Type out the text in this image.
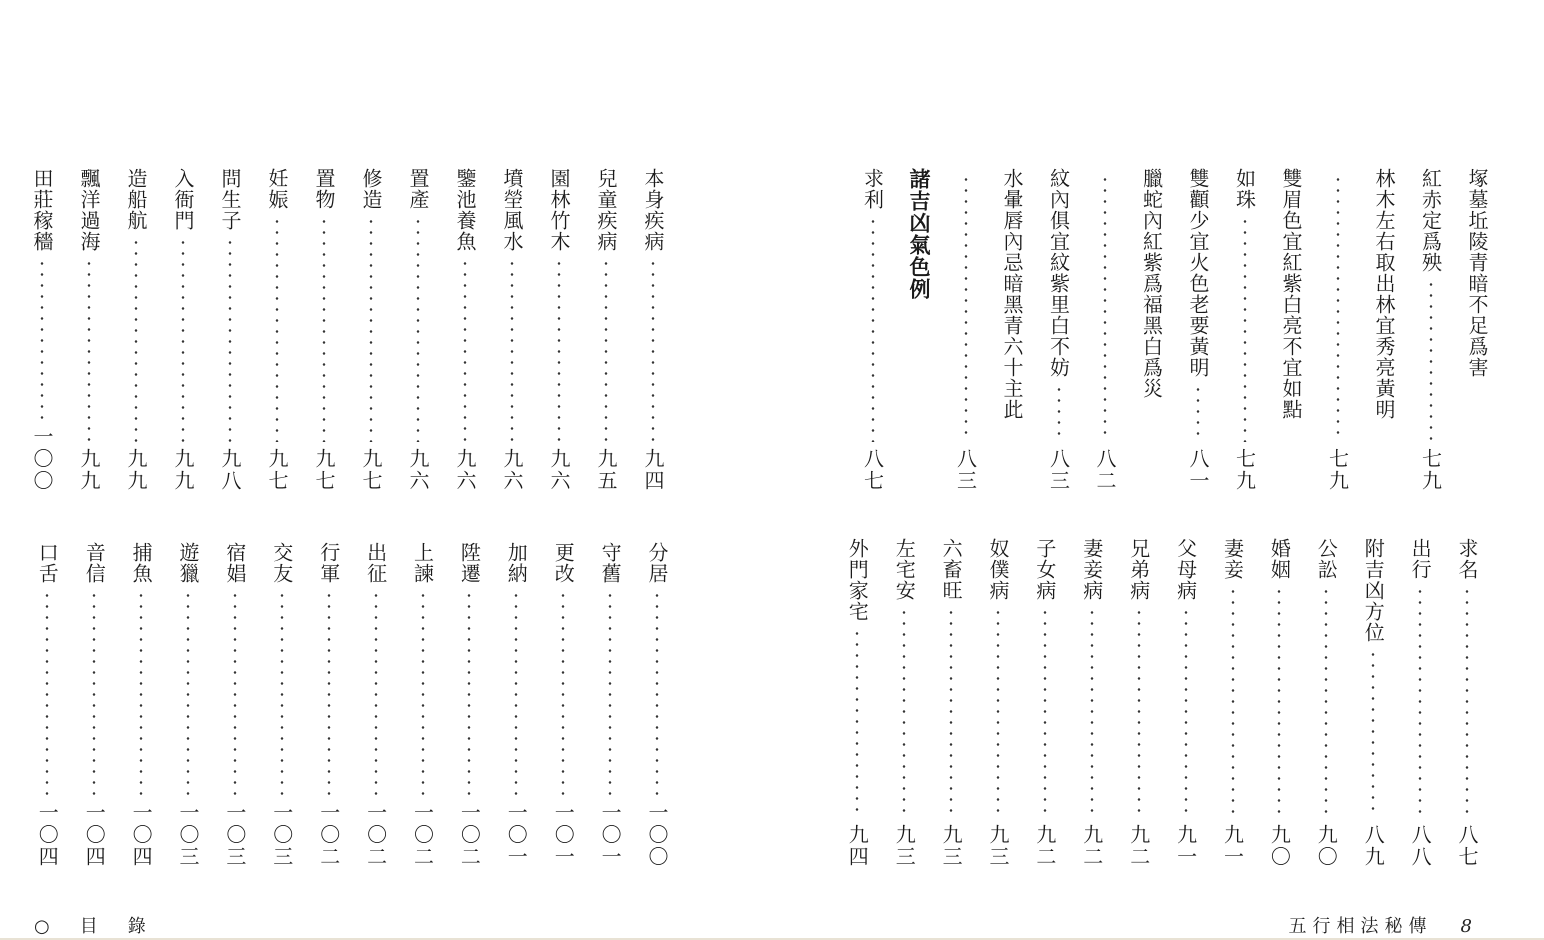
本身疾病
九四
兒童疾病
九五
園林竹木
九六
墳塋風水
九六
鑒池養魚
九六
置產
九六
修造
九七
置物
九七
妊娠
九七
問生子
九八
入衙門
九九
造船航
九九
飄洋過海
九九
田莊稼穡
一〇〇
分居
一〇〇
守舊
一〇一
更改
一〇一
加納
一〇一
陞遷
一〇二
上諫
一〇二
出征
一〇二
行軍
一〇二
交友
一〇三
宿娼
一〇三
遊獵
一〇三
捕魚
一〇四
音信
一〇四
口舌
一〇四
塚墓坵陵青暗不足爲害
紅赤定爲殃
七九
林木左右取出林宜秀亮黃明
七九
雙眉色宜紅紫白亮不宜如點
如珠
七九
雙顴少宜火色老要黃明
八一
臘蛇內紅紫爲福黑白爲災
八二
紋內俱宜紋紫里白不妨
八三
水暈唇內忌暗黑青六十主此
八三
諸吉凶氣色例
求利
八七
求名
八七
出行
八八
附吉凶方位
八九
公訟
九〇
婚姻
九〇
妻妾
九一
父母病
九一
兄弟病
九二
妻妾病
九二
子女病
九二
奴僕病
九三
六畜旺
九三
左宅安
九三
外門家宅
九四
○目錄	五行相法秘傳 8
